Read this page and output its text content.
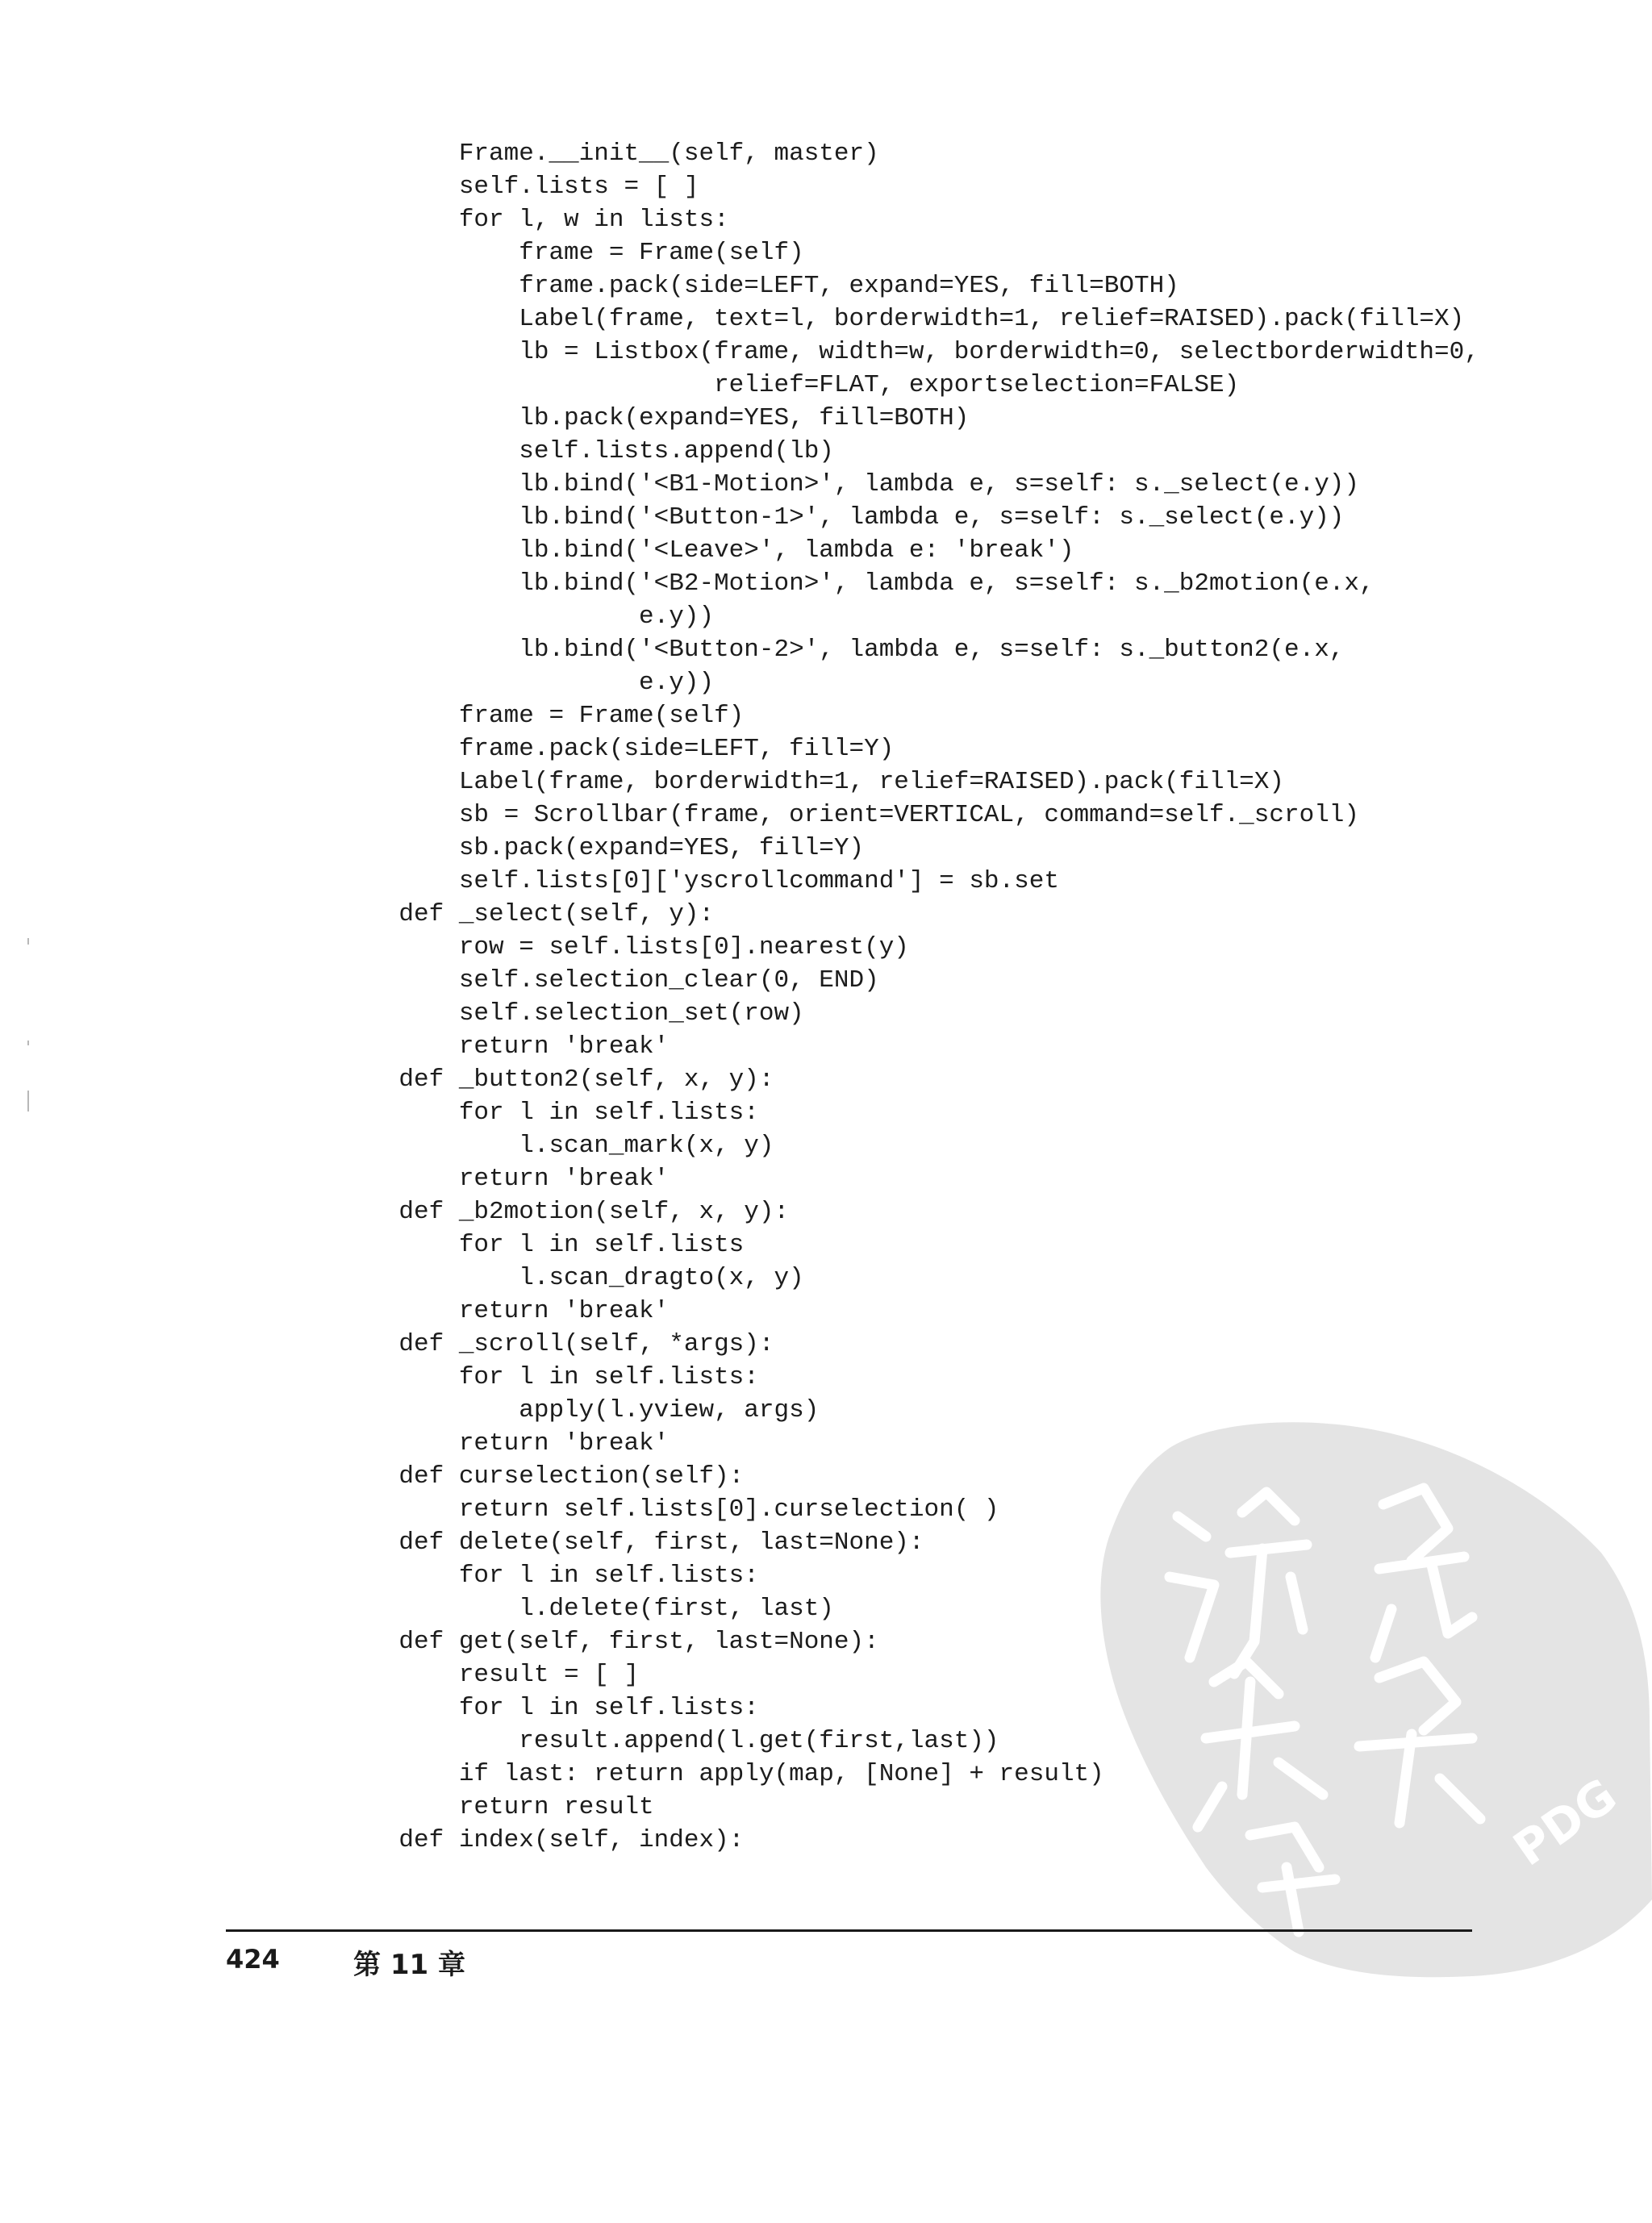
Frame.__init__(self, master)
self.lists = [ ]
for l, w in lists:
frame = Frame(self)
frame.pack(side=LEFT, expand=YES, fill=BOTH)
Label(frame, text=l, borderwidth=1, relief=RAISED).pack(fill=X)
lb = Listbox(frame, width=w, borderwidth=0, selectborderwidth=0,
relief=FLAT, exportselection=FALSE)
lb.pack(expand=YES, fill=BOTH)
self.lists.append(lb)
lb.bind('<B1-Motion>', lambda e, s=self: s._select(e.y))
lb.bind('<Button-1>', lambda e, s=self: s._select(e.y))
lb.bind('<Leave>', lambda e: 'break')
lb.bind('<B2-Motion>', lambda e, s=self: s._b2motion(e.x,
e.y))
lb.bind('<Button-2>', lambda e, s=self: s._button2(e.x,
e.y))
frame = Frame(self)
frame.pack(side=LEFT, fill=Y)
Label(frame, borderwidth=1, relief=RAISED).pack(fill=X)
sb = Scrollbar(frame, orient=VERTICAL, command=self._scroll)
sb.pack(expand=YES, fill=Y)
self.lists[0]['yscrollcommand'] = sb.set
def _select(self, y):
row = self.lists[0].nearest(y)
self.selection_clear(0, END)
self.selection_set(row)
return 'break'
def _button2(self, x, y):
for l in self.lists:
l.scan_mark(x, y)
return 'break'
def _b2motion(self, x, y):
for l in self.lists
l.scan_dragto(x, y)
return 'break'
def _scroll(self, *args):
for l in self.lists:
apply(l.yview, args)
return 'break'
def curselection(self):
return self.lists[0].curselection( )
def delete(self, first, last=None):
for l in self.lists:
l.delete(first, last)
def get(self, first, last=None):
result = [ ]
for l in self.lists:
result.append(l.get(first,last))
if last: return apply(map, [None] + result)
return result
def index(self, index):	PDG
424	第 11 章
